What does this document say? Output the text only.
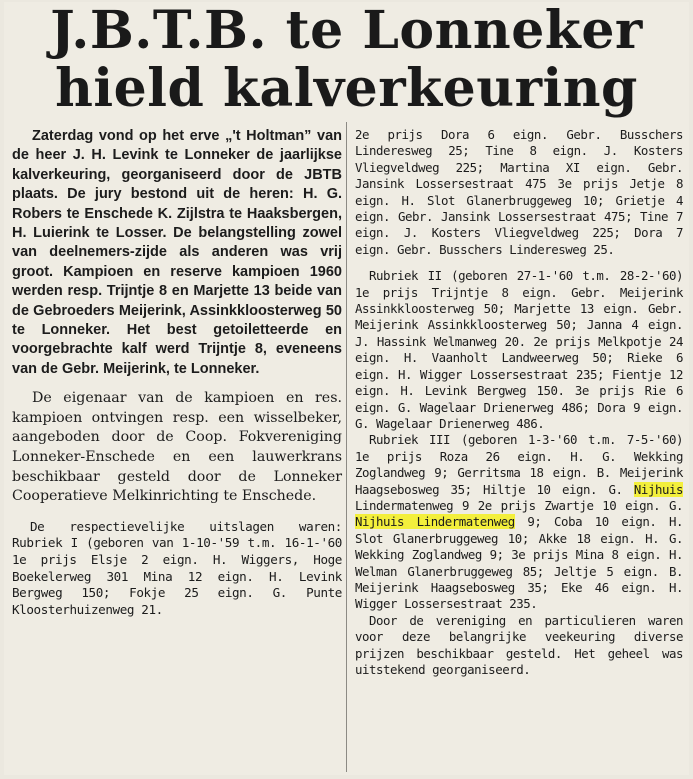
J.B.T.B. te Lonneker
hield kalverkeuring

Zaterdag vond op het erve „'t Holtman” van de heer J. H. Levink te Lonneker de jaarlijkse kalverkeuring, georganiseerd door de JBTB plaats. De jury bestond uit de heren: H. G. Robers te Enschede K. Zijlstra te Haaksbergen, H. Luierink te Losser. De belangstelling zowel van deelnemers-zijde als anderen was vrij groot. Kampioen en reserve kampioen 1960 werden resp. Trijntje 8 en Marjette 13 beide van de Gebroeders Meijerink, Assinkkloosterweg 50 te Lonneker. Het best getoiletteerde en voorgebrachte kalf werd Trijntje 8, eveneens van de Gebr. Meijerink, te Lonneker.

De eigenaar van de kampioen en res. kampioen ontvingen resp. een wisselbeker, aangeboden door de Coop. Fokvereniging Lonneker-Enschede en een lauwerkrans beschikbaar gesteld door de Lonneker Cooperatieve Melkinrichting te Enschede.

De respectievelijke uitslagen waren: Rubriek I (geboren van 1-10-'59 t.m. 16-1-'60 1e prijs Elsje 2 eign. H. Wiggers, Hoge Boekelerweg 301 Mina 12 eign. H. Levink Bergweg 150; Fokje 25 eign. G. Punte Kloosterhuizenweg 21.

2e prijs Dora 6 eign. Gebr. Busschers Linderesweg 25; Tine 8 eign. J. Kosters Vliegveldweg 225; Martina XI eign. Gebr. Jansink Lossersestraat 475 3e prijs Jetje 8 eign. H. Slot Glanerbruggeweg 10; Grietje 4 eign. Gebr. Jansink Lossersestraat 475; Tine 7 eign. J. Kosters Vliegveldweg 225; Dora 7 eign. Gebr. Busschers Linderesweg 25.

Rubriek II (geboren 27-1-'60 t.m. 28-2-'60) 1e prijs Trijntje 8 eign. Gebr. Meijerink Assinkkloosterweg 50; Marjette 13 eign. Gebr. Meijerink Assinkkloosterweg 50; Janna 4 eign. J. Hassink Welmanweg 20. 2e prijs Melkpotje 24 eign. H. Vaanholt Landweerweg 50; Rieke 6 eign. H. Wigger Lossersestraat 235; Fientje 12 eign. H. Levink Bergweg 150. 3e prijs Rie 6 eign. G. Wagelaar Drienerweg 486; Dora 9 eign. G. Wagelaar Drienerweg 486.

Rubriek III (geboren 1-3-'60 t.m. 7-5-'60) 1e prijs Roza 26 eign. H. G. Wekking Zoglandweg 9; Gerritsma 18 eign. B. Meijerink Haagsebosweg 35; Hiltje 10 eign. G. Nijhuis Lindermatenweg 9 2e prijs Zwartje 10 eign. G. Nijhuis Lindermatenweg 9; Coba 10 eign. H. Slot Glanerbruggeweg 10; Akke 18 eign. H. G. Wekking Zoglandweg 9; 3e prijs Mina 8 eign. H. Welman Glanerbruggeweg 85; Jeltje 5 eign. B. Meijerink Haagsebosweg 35; Eke 46 eign. H. Wigger Lossersestraat 235.

Door de vereniging en particulieren waren voor deze belangrijke veekeuring diverse prijzen beschikbaar gesteld. Het geheel was uitstekend georganiseerd.
